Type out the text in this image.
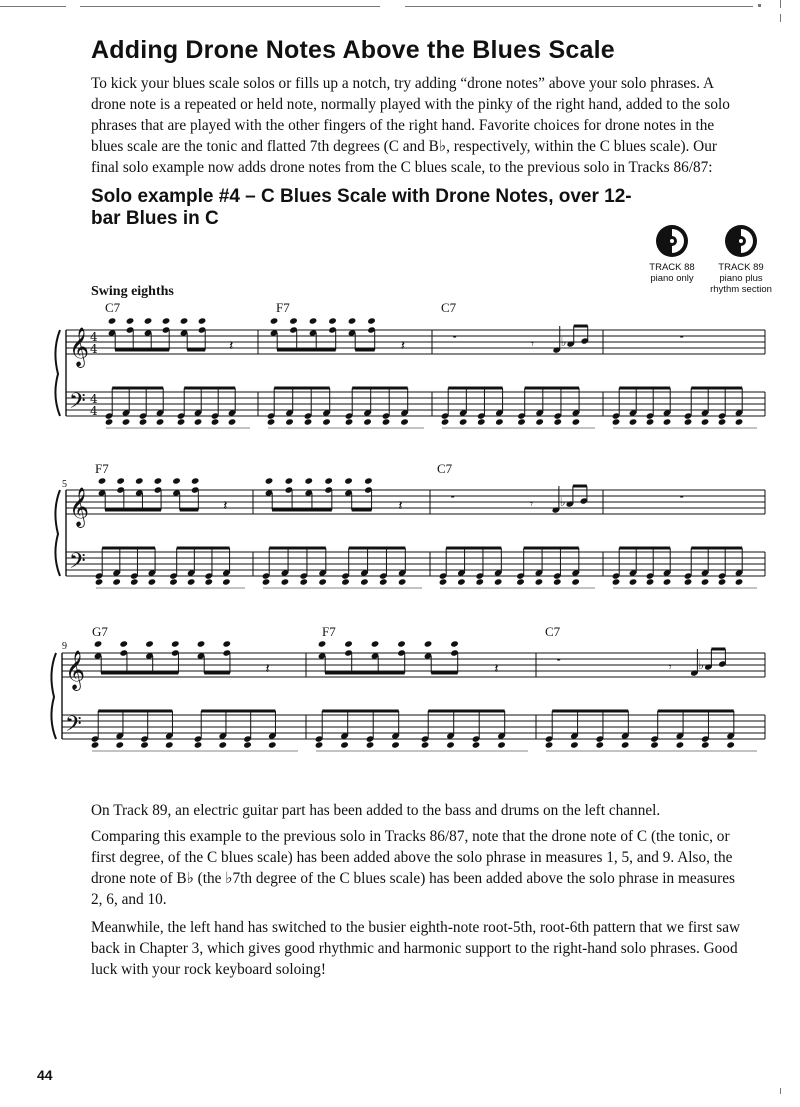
Adding Drone Notes Above the Blues Scale

To kick your blues scale solos or fills up a notch, try adding “drone notes” above your solo phrases. A drone note is a repeated or held note, normally played with the pinky of the right hand, added to the solo phrases that are played with the other fingers of the right hand. Favorite choices for drone notes in the blues scale are the tonic and flatted 7th degrees (C and B♭, respectively, within the C blues scale). Our final solo example now adds drone notes from the C blues scale, to the previous solo in Tracks 86/87:

Solo example #4 – C Blues Scale with Drone Notes, over 12-bar Blues in C
TRACK 88
piano only
TRACK 89
piano plus
rhythm section

Swing eighths

C7	F7	C7
5
F7	C7
9
G7	F7	C7
𝄞
𝄢
4
4
4
4
𝄽	𝄽	𝄻	𝄾 ♭	𝄻
𝄞
𝄢
𝄽	𝄽	𝄻	𝄾 ♭	𝄻
𝄞
𝄢
𝄽	𝄽	𝄻	𝄾 ♭

On Track 89, an electric guitar part has been added to the bass and drums on the left channel.

Comparing this example to the previous solo in Tracks 86/87, note that the drone note of C (the tonic, or first degree, of the C blues scale) has been added above the solo phrase in measures 1, 5, and 9. Also, the drone note of B♭ (the ♭7th degree of the C blues scale) has been added above the solo phrase in measures 2, 6, and 10.

Meanwhile, the left hand has switched to the busier eighth-note root-5th, root-6th pattern that we first saw back in Chapter 3, which gives good rhythmic and harmonic support to the right-hand solo phrases. Good luck with your rock keyboard soloing!

44
